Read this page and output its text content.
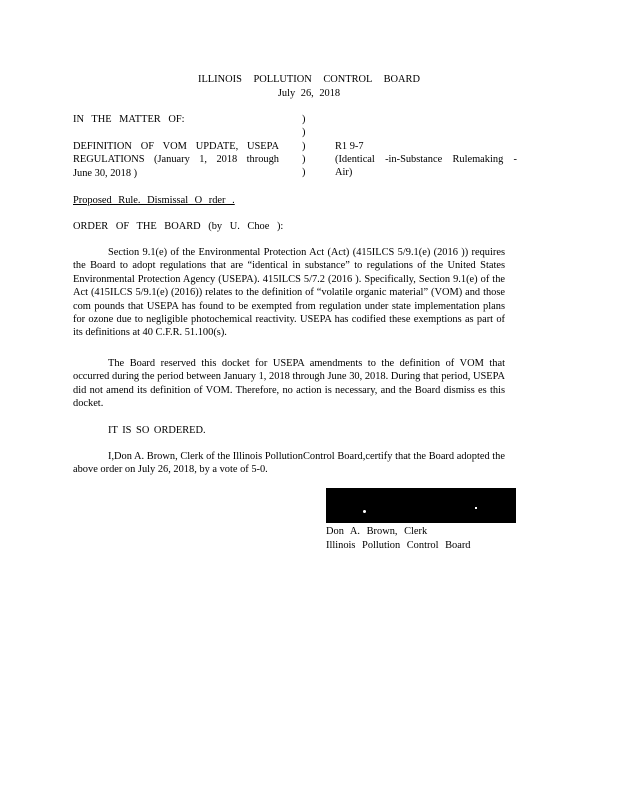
ILLINOIS POLLUTION CONTROL BOARD
July 26, 2018
IN THE MATTER OF:
DEFINITION OF VOM UPDATE, USEPA
REGULATIONS (January 1, 2018 through
June 30, 2018 )
)
)
)
)
)
R1 9-7
(Identical -in-Substance Rulemaking -
Air)
Proposed Rule. Dismissal O rder .
ORDER OF THE BOARD (by U. Choe ):
Section 9.1(e) of the Environmental Protection Act (Act) (415ILCS 5/9.1(e) (2016 )) requires the Board to adopt regulations that are “identical in substance” to regulations of the United States Environmental Protection Agency (USEPA). 415ILCS 5/7.2 (2016 ). Specifically, Section 9.1(e) of the Act (415ILCS 5/9.1(e) (2016)) relates to the definition of “volatile organic material” (VOM) and those com pounds that USEPA has found to be exempted from regulation under state implementation plans for ozone due to negligible photochemical reactivity. USEPA has codified these exemptions as part of its definitions at 40 C.F.R. 51.100(s).
The Board reserved this docket for USEPA amendments to the definition of VOM that occurred during the period between January 1, 2018 through June 30, 2018. During that period, USEPA did not amend its definition of VOM. Therefore, no action is necessary, and the Board dismiss es this docket.
IT IS SO ORDERED.
I,Don A. Brown, Clerk of the Illinois PollutionControl Board,certify that the Board adopted the above order on July 26, 2018, by a vote of 5-0.
Don A. Brown, Clerk
Illinois Pollution Control Board
